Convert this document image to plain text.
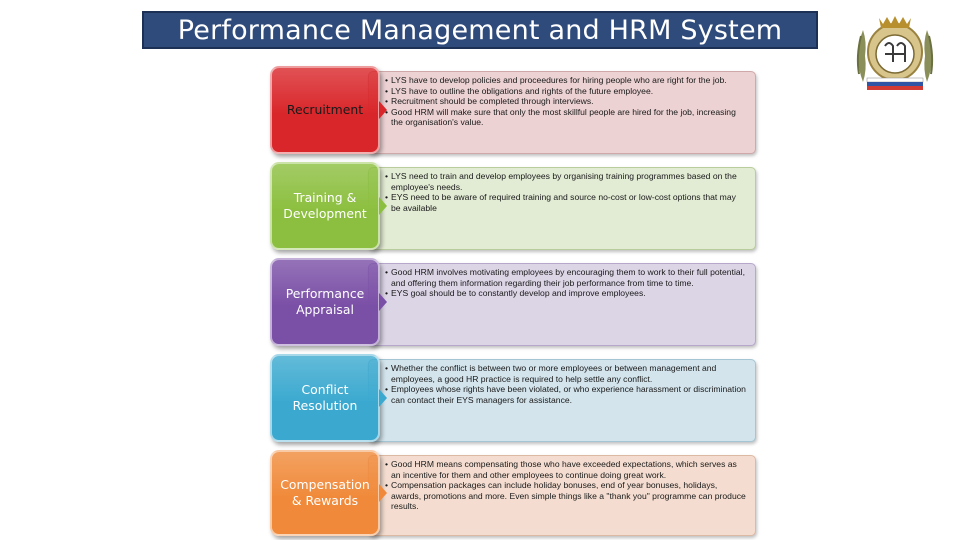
Performance Management and HRM System
• LYS have to develop policies and proceedures for hiring people who are right for the job.
• LYS have to outline the obligations and rights of the future employee.
• Recruitment should be completed through interviews.
• Good HRM will make sure that only the most skillful people are hired for the job, increasing the organisation's value.
Recruitment
• LYS need to train and develop employees by organising training programmes based on the employee's needs.
• EYS need to be aware of required training and source no-cost or low-cost options that may be available
Training &
Development
• Good HRM involves motivating employees by encouraging them to work to their full potential, and offering them information regarding their job performance from time to time.
• EYS goal should be to constantly develop and improve employees.
Performance
Appraisal
• Whether the conflict is between two or more employees or between management and employees, a good HR practice is required to help settle any conflict.
• Employees whose rights have been violated, or who experience harassment or discrimination can contact their EYS managers for assistance.
Conflict
Resolution
• Good HRM means compensating those who have exceeded expectations, which serves as an incentive for them and other employees to continue doing great work.
• Compensation packages can include holiday bonuses, end of year bonuses, holidays, awards, promotions and more. Even simple things like a "thank you" programme can produce results.
Compensation
& Rewards
